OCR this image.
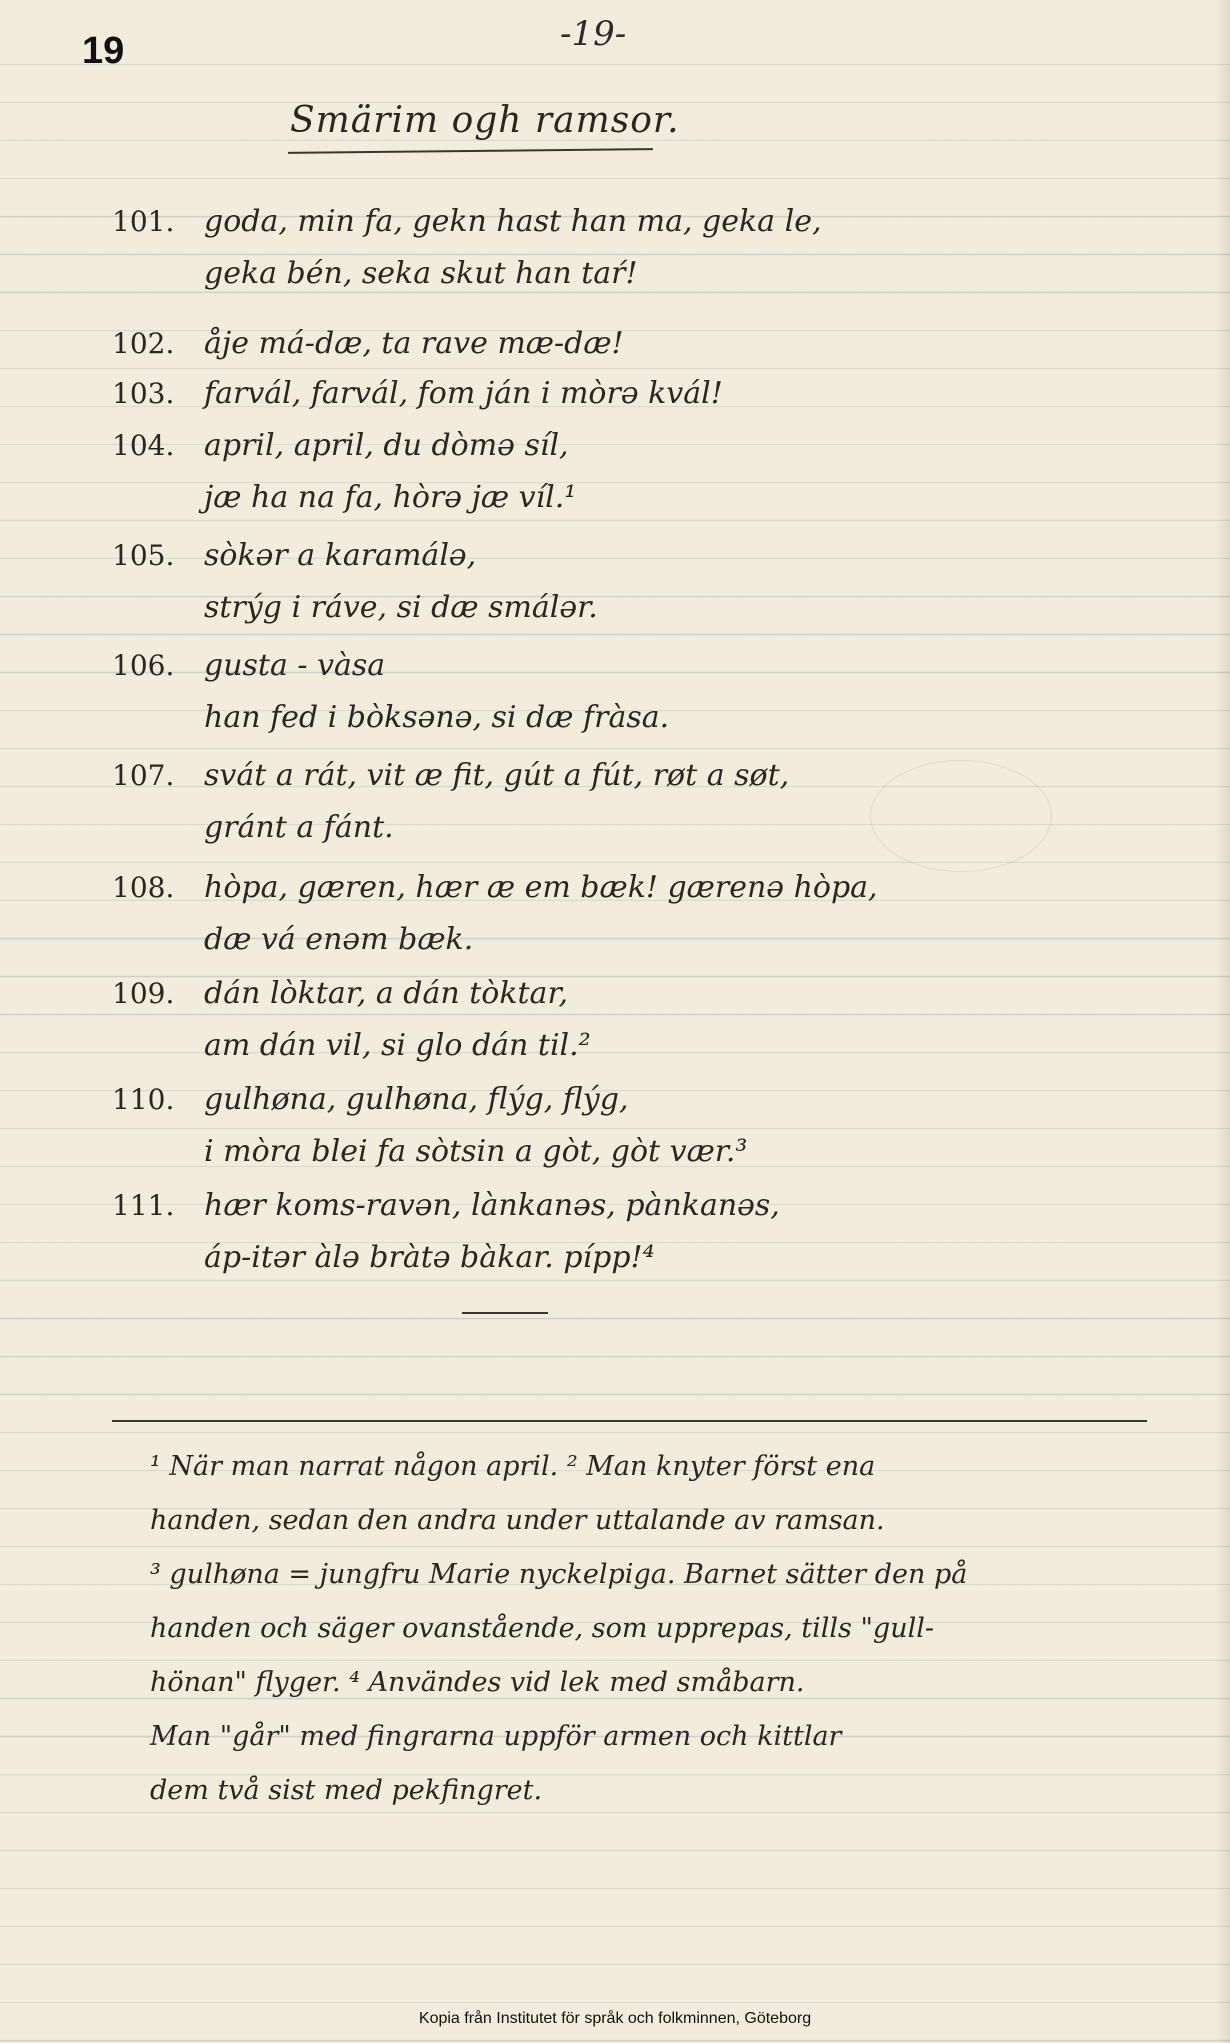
19	-19-
Smärim ogh ramsor.
101. goda, min fa, gekn hast han ma, geka le,
geka bén, seka skut han taŕ!
102. åje má-dæ, ta rave mæ-dæ!
103. farvál, farvál, fom ján i mòrə kvál!
104. april, april, du dòmə síl,
jæ ha na fa, hòrə jæ víl.¹
105. sòkər a karamálə,
strýg i ráve, si dæ smálər.
106. gusta - vàsa
han fed i bòksənə, si dæ fràsa.
107. svát a rát, vit æ fit, gút a fút, røt a søt,
gránt a fánt.
108. hòpa, gæren, hær æ em bæk! gærenə hòpa,
dæ vá enəm bæk.
109. dán lòktar, a dán tòktar,
am dán vil, si glo dán til.²
110. gulhøna, gulhøna, flýg, flýg,
i mòra blei fa sòtsin a gòt, gòt vær.³
111. hær koms-ravən, lànkanəs, pànkanəs,
áp-itər àlə bràtə bàkar. pípp!⁴
¹ När man narrat någon april. ² Man knyter först ena
handen, sedan den andra under uttalande av ramsan.
³ gulhøna = jungfru Marie nyckelpiga. Barnet sätter den på
handen och säger ovanstående, som upprepas, tills "gull-
hönan" flyger. ⁴ Användes vid lek med småbarn.
Man "går" med fingrarna uppför armen och kittlar
dem två sist med pekfingret.
Kopia från Institutet för språk och folkminnen, Göteborg
